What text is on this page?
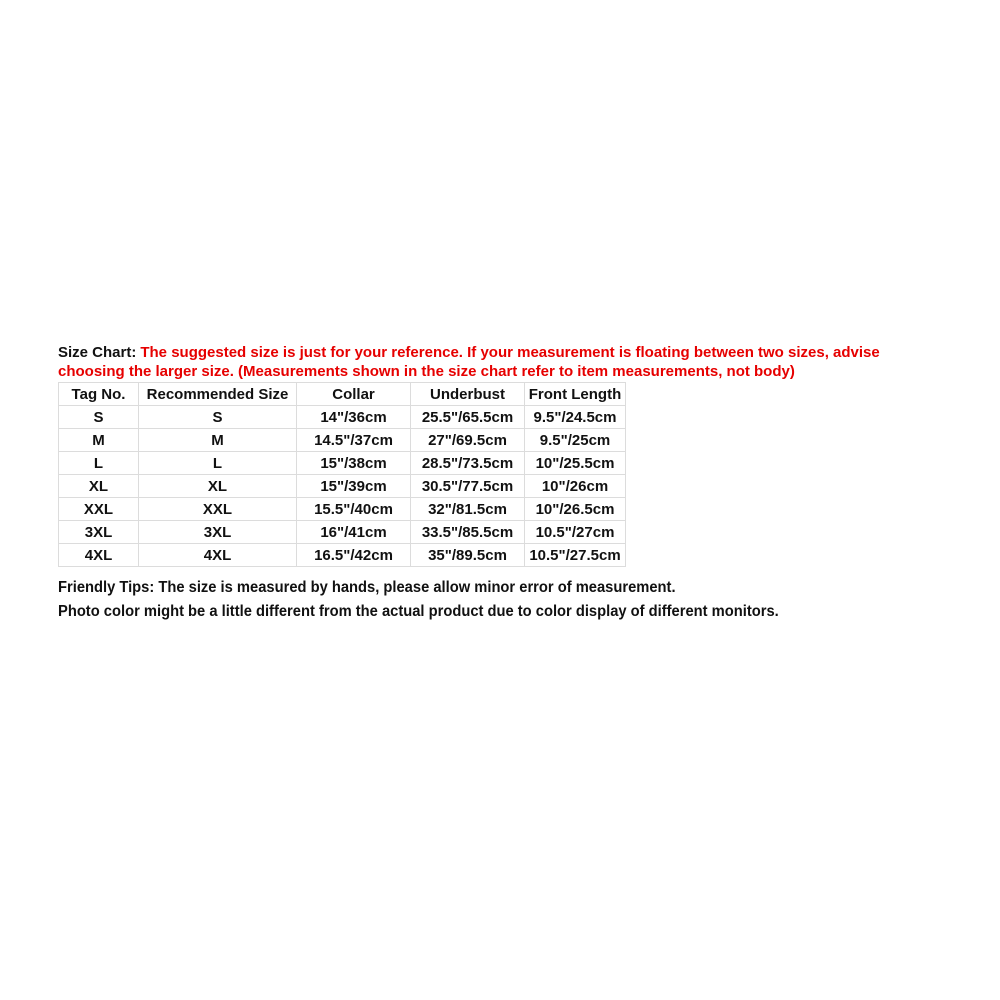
Size Chart: The suggested size is just for your reference. If your measurement is floating between two sizes, advise
choosing the larger size. (Measurements shown in the size chart refer to item measurements, not body)
Tag No.	Recommended Size	Collar	Underbust	Front Length
S	S	14"/36cm	25.5"/65.5cm	9.5"/24.5cm
M	M	14.5"/37cm	27"/69.5cm	9.5"/25cm
L	L	15"/38cm	28.5"/73.5cm	10"/25.5cm
XL	XL	15"/39cm	30.5"/77.5cm	10"/26cm
XXL	XXL	15.5"/40cm	32"/81.5cm	10"/26.5cm
3XL	3XL	16"/41cm	33.5"/85.5cm	10.5"/27cm
4XL	4XL	16.5"/42cm	35"/89.5cm	10.5"/27.5cm
Friendly Tips: The size is measured by hands, please allow minor error of measurement.
Photo color might be a little different from the actual product due to color display of different monitors.
